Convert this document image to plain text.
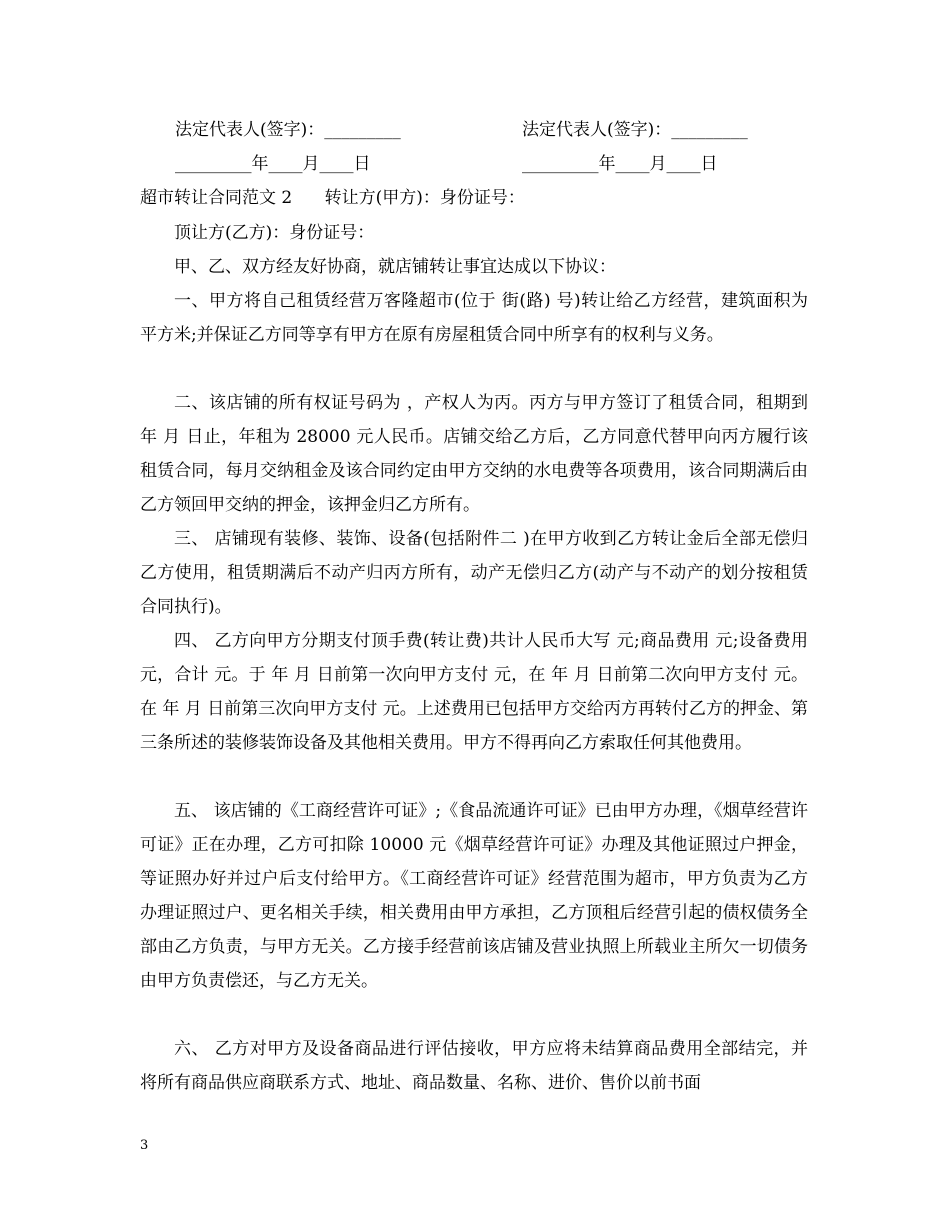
法定代表人(签字)：_________	法定代表人(签字)：_________
_________年____月____日	_________年____月____日
超市转让合同范文 2      转让方(甲方)：身份证号：
顶让方(乙方)：身份证号：
甲、乙、双方经友好协商，就店铺转让事宜达成以下协议：
一、甲方将自己租赁经营万客隆超市(位于 街(路) 号)转让给乙方经营，建筑面积为 平方米;并保证乙方同等享有甲方在原有房屋租赁合同中所享有的权利与义务。
二、该店铺的所有权证号码为 ，产权人为丙。丙方与甲方签订了租赁合同，租期到 年 月 日止，年租为 28000 元人民币。店铺交给乙方后，乙方同意代替甲向丙方履行该租赁合同，每月交纳租金及该合同约定由甲方交纳的水电费等各项费用，该合同期满后由乙方领回甲交纳的押金，该押金归乙方所有。
三、 店铺现有装修、装饰、设备(包括附件二 )在甲方收到乙方转让金后全部无偿归乙方使用，租赁期满后不动产归丙方所有，动产无偿归乙方(动产与不动产的划分按租赁合同执行)。
四、 乙方向甲方分期支付顶手费(转让费)共计人民币大写 元;商品费用 元;设备费用 元，合计 元。于 年 月 日前第一次向甲方支付 元，在 年 月 日前第二次向甲方支付 元。在 年 月 日前第三次向甲方支付 元。上述费用已包括甲方交给丙方再转付乙方的押金、第三条所述的装修装饰设备及其他相关费用。甲方不得再向乙方索取任何其他费用。
五、 该店铺的《工商经营许可证》;《食品流通许可证》已由甲方办理，《烟草经营许可证》正在办理，乙方可扣除 10000 元《烟草经营许可证》办理及其他证照过户押金，等证照办好并过户后支付给甲方。《工商经营许可证》经营范围为超市，甲方负责为乙方办理证照过户、更名相关手续，相关费用由甲方承担，乙方顶租后经营引起的债权债务全部由乙方负责，与甲方无关。乙方接手经营前该店铺及营业执照上所载业主所欠一切债务由甲方负责偿还，与乙方无关。
六、 乙方对甲方及设备商品进行评估接收，甲方应将未结算商品费用全部结完，并将所有商品供应商联系方式、地址、商品数量、名称、进价、售价以前书面
3
